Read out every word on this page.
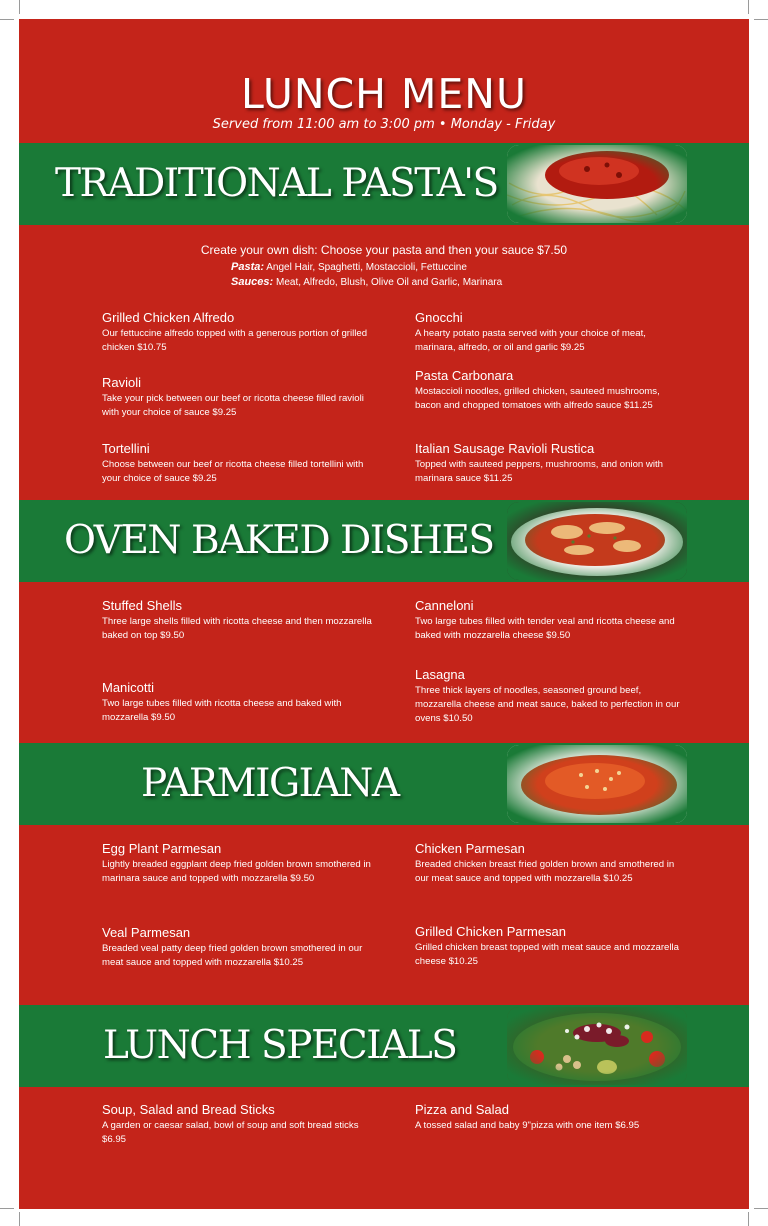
LUNCH MENU
Served from 11:00 am to 3:00 pm • Monday - Friday
TRADITIONAL PASTA'S
Create your own dish: Choose your pasta and then your sauce $7.50
Pasta: Angel Hair, Spaghetti, Mostaccioli, Fettuccine
Sauces: Meat, Alfredo, Blush, Olive Oil and Garlic, Marinara
Grilled Chicken Alfredo
Our fettuccine alfredo topped with a generous portion of grilled chicken $10.75
Ravioli
Take your pick between our beef or ricotta cheese filled ravioli with your choice of sauce $9.25
Tortellini
Choose between our beef or ricotta cheese filled tortellini with your choice of sauce $9.25
Gnocchi
A hearty potato pasta served with your choice of meat, marinara, alfredo, or oil and garlic $9.25
Pasta Carbonara
Mostaccioli noodles, grilled chicken, sauteed mushrooms, bacon and chopped tomatoes with alfredo sauce $11.25
Italian Sausage Ravioli Rustica
Topped with sauteed peppers, mushrooms, and onion with marinara sauce $11.25
OVEN BAKED DISHES
Stuffed Shells
Three large shells filled with ricotta cheese and then mozzarella baked on top $9.50
Manicotti
Two large tubes filled with ricotta cheese and baked with mozzarella $9.50
Canneloni
Two large tubes filled with tender veal and ricotta cheese and baked with mozzarella cheese $9.50
Lasagna
Three thick layers of noodles, seasoned ground beef, mozzarella cheese and meat sauce, baked to perfection in our ovens $10.50
PARMIGIANA
Egg Plant Parmesan
Lightly breaded eggplant deep fried golden brown smothered in marinara sauce and topped with mozzarella $9.50
Veal Parmesan
Breaded veal patty deep fried golden brown smothered in our meat sauce and topped with mozzarella $10.25
Chicken Parmesan
Breaded chicken breast fried golden brown and smothered in our meat sauce and topped with mozzarella $10.25
Grilled Chicken Parmesan
Grilled chicken breast topped with meat sauce and mozzarella cheese $10.25
LUNCH SPECIALS
Soup, Salad and Bread Sticks
A garden or caesar salad, bowl of soup and soft bread sticks $6.95
Pizza and Salad
A tossed salad and baby 9"pizza with one item $6.95
